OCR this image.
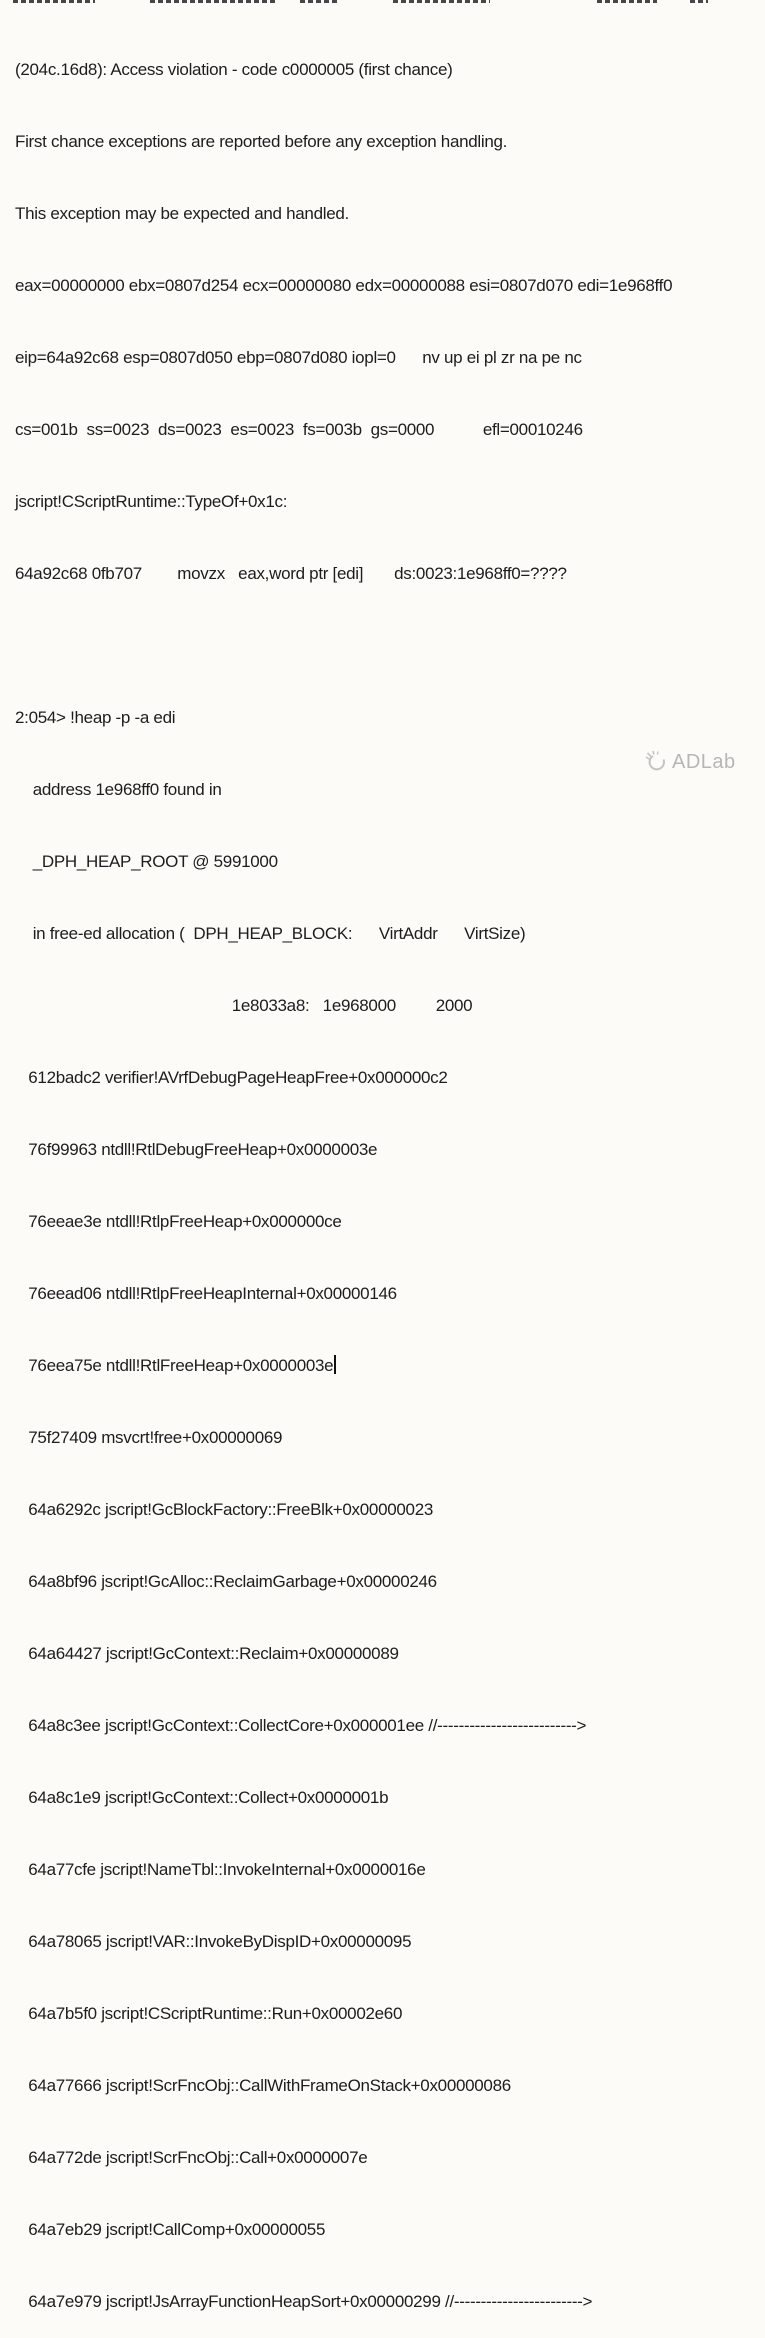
(204c.16d8): Access violation - code c0000005 (first chance)

First chance exceptions are reported before any exception handling.

This exception may be expected and handled.

eax=00000000 ebx=0807d254 ecx=00000080 edx=00000088 esi=0807d070 edi=1e968ff0

eip=64a92c68 esp=0807d050 ebp=0807d080 iopl=0      nv up ei pl zr na pe nc

cs=001b  ss=0023  ds=0023  es=0023  fs=003b  gs=0000           efl=00010246

jscript!CScriptRuntime::TypeOf+0x1c:

64a92c68 0fb707        movzx   eax,word ptr [edi]       ds:0023:1e968ff0=????

2:054> !heap -p -a edi

address 1e968ff0 found in

_DPH_HEAP_ROOT @ 5991000

in free-ed allocation (  DPH_HEAP_BLOCK:      VirtAddr      VirtSize)

1e8033a8:   1e968000         2000

612badc2 verifier!AVrfDebugPageHeapFree+0x000000c2

76f99963 ntdll!RtlDebugFreeHeap+0x0000003e

76eeae3e ntdll!RtlpFreeHeap+0x000000ce

76eead06 ntdll!RtlpFreeHeapInternal+0x00000146

76eea75e ntdll!RtlFreeHeap+0x0000003e

75f27409 msvcrt!free+0x00000069

64a6292c jscript!GcBlockFactory::FreeBlk+0x00000023

64a8bf96 jscript!GcAlloc::ReclaimGarbage+0x00000246

64a64427 jscript!GcContext::Reclaim+0x00000089

64a8c3ee jscript!GcContext::CollectCore+0x000001ee //-------------------------->

64a8c1e9 jscript!GcContext::Collect+0x0000001b

64a77cfe jscript!NameTbl::InvokeInternal+0x0000016e

64a78065 jscript!VAR::InvokeByDispID+0x00000095

64a7b5f0 jscript!CScriptRuntime::Run+0x00002e60

64a77666 jscript!ScrFncObj::CallWithFrameOnStack+0x00000086

64a772de jscript!ScrFncObj::Call+0x0000007e

64a7eb29 jscript!CallComp+0x00000055

64a7e979 jscript!JsArrayFunctionHeapSort+0x00000299 //------------------------>

ADLab
